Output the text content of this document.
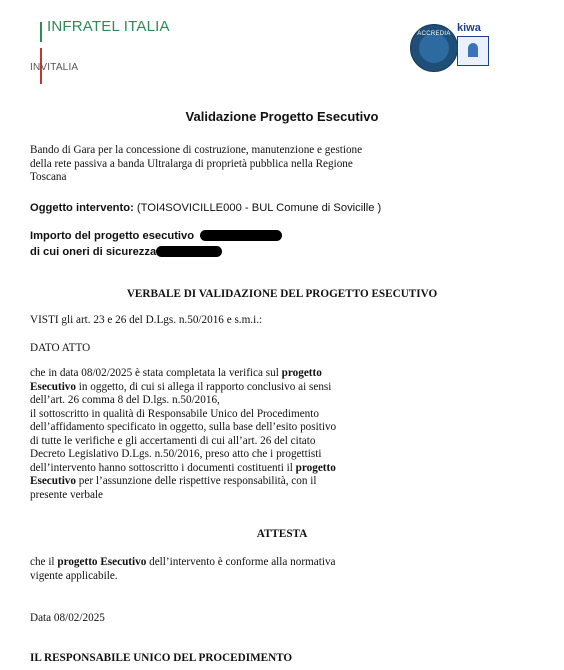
INFRATEL ITALIA
INVITALIA
ACCREDIA kiwa
Validazione Progetto Esecutivo
Bando di Gara per la concessione di costruzione, manutenzione e gestione
della rete passiva a banda Ultralarga di proprietà pubblica nella Regione
Toscana
Oggetto intervento: (TOI4SOVICILLE000 - BUL Comune di Sovicille )
Importo del progetto esecutivo
di cui oneri di sicurezza
VERBALE DI VALIDAZIONE DEL PROGETTO ESECUTIVO
VISTI gli art. 23 e 26 del D.Lgs. n.50/2016 e s.m.i.:
DATO ATTO
che in data 08/02/2025 è stata completata la verifica sul progetto
Esecutivo in oggetto, di cui si allega il rapporto conclusivo ai sensi
dell’art. 26 comma 8 del D.lgs. n.50/2016,
il sottoscritto in qualità di Responsabile Unico del Procedimento
dell’affidamento specificato in oggetto, sulla base dell’esito positivo
di tutte le verifiche e gli accertamenti di cui all’art. 26 del citato
Decreto Legislativo D.Lgs. n.50/2016, preso atto che i progettisti
dell’intervento hanno sottoscritto i documenti costituenti il progetto
Esecutivo per l’assunzione delle rispettive responsabilità, con il
presente verbale
ATTESTA
che il progetto Esecutivo dell’intervento è conforme alla normativa
vigente applicabile.
Data 08/02/2025
IL RESPONSABILE UNICO DEL PROCEDIMENTO
